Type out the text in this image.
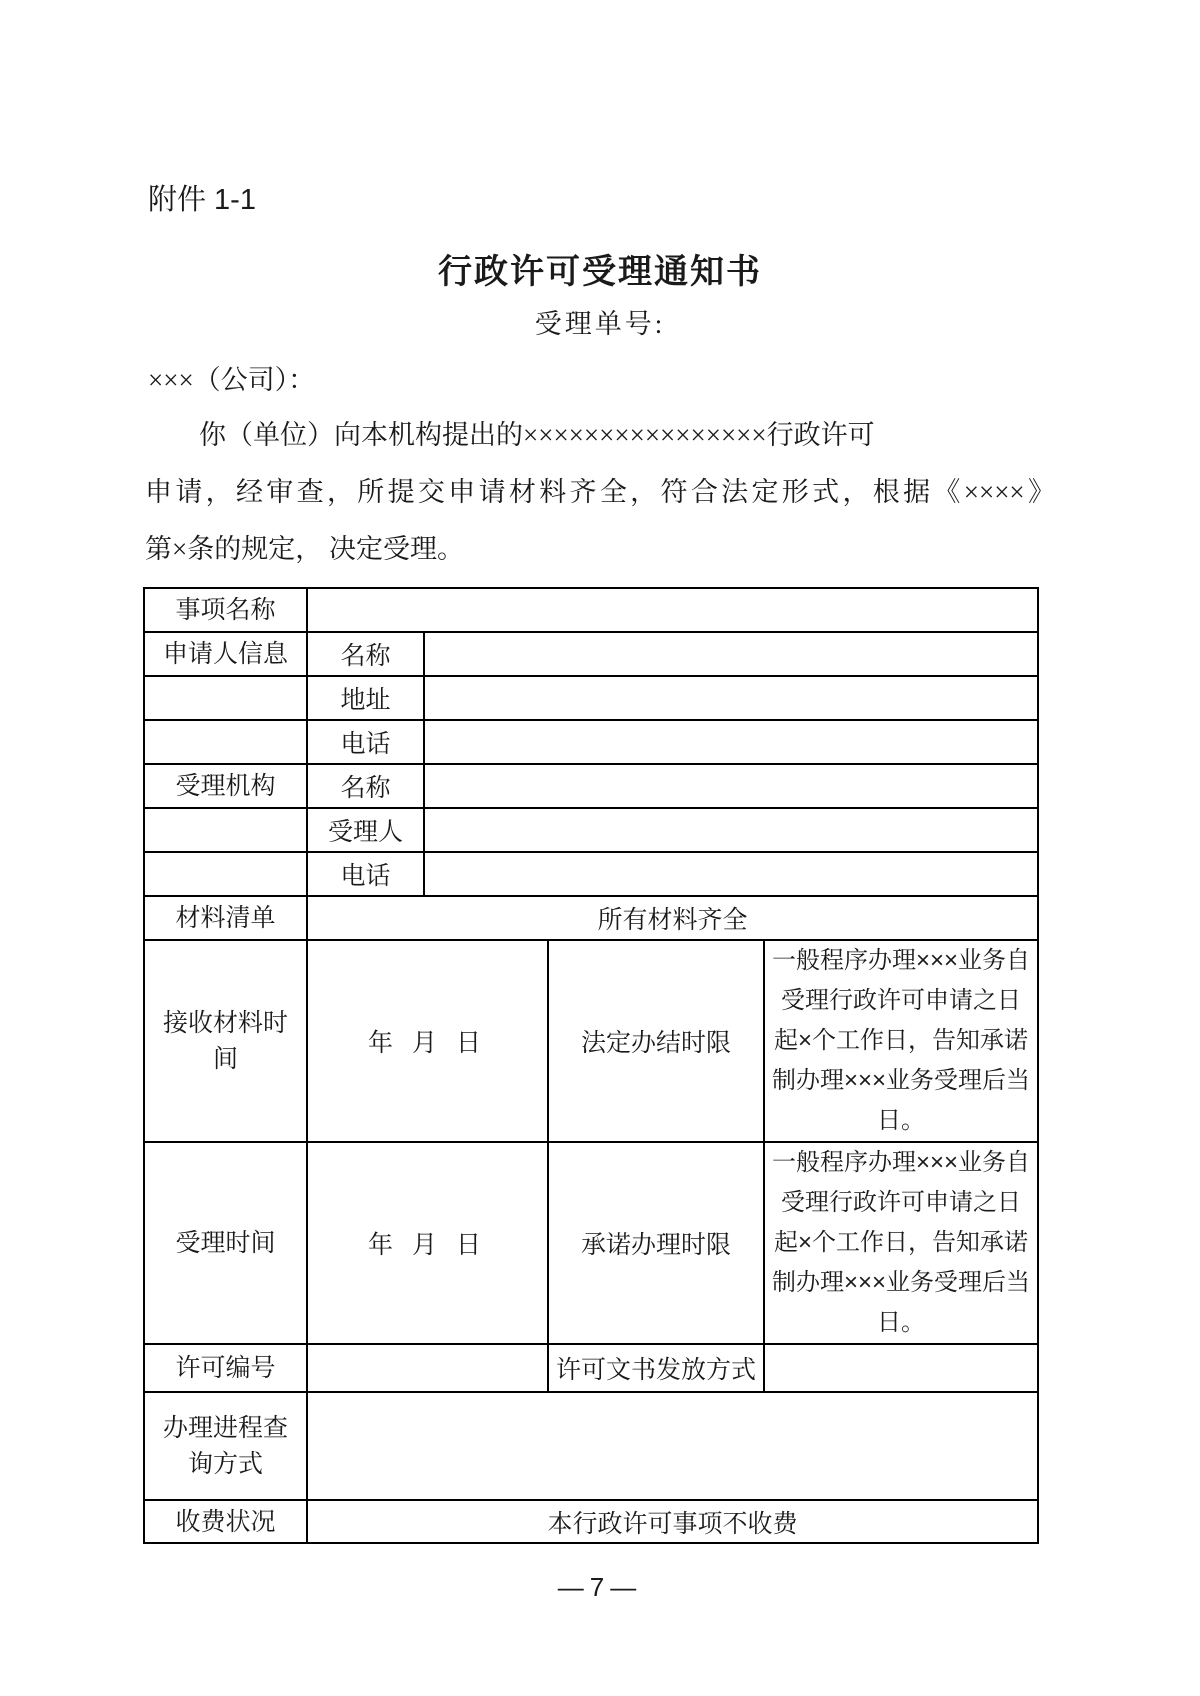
附件 1-1
行政许可受理通知书
受理单号:
×××（公司）：
你（单位）向本机构提出的××××××××××××××××行政许可
申请，经审查，所提交申请材料齐全，符合法定形式，根据《××××》
第×条的规定， 决定受理。
事项名称				
申请人信息	名称			
	地址			
	电话			
受理机构	名称			
	受理人			
	电话			
材料清单	所有材料齐全			
接收材料时间	年 月 日		法定办结时限	一般程序办理×××业务自受理行政许可申请之日起×个工作日，告知承诺制办理×××业务受理后当日。
受理时间	年 月 日		承诺办理时限	一般程序办理×××业务自受理行政许可申请之日起×个工作日，告知承诺制办理×××业务受理后当日。
许可编号			许可文书发放方式	
办理进程查询方式				
收费状况	本行政许可事项不收费			
—7—
